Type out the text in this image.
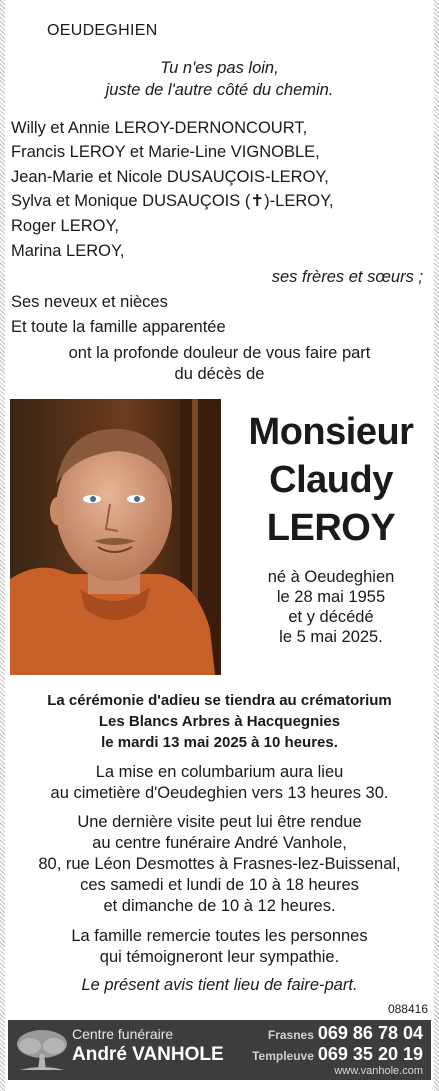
OEUDEGHIEN
Tu n'es pas loin,
juste de l'autre côté du chemin.
Willy et Annie LEROY-DERNONCOURT,
Francis LEROY et Marie-Line VIGNOBLE,
Jean-Marie et Nicole DUSAUÇOIS-LEROY,
Sylva et Monique DUSAUÇOIS (✝)-LEROY,
Roger LEROY,
Marina LEROY,
ses frères et sœurs ;
Ses neveux et nièces
Et toute la famille apparentée
ont la profonde douleur de vous faire part
du décès de
Monsieur
Claudy
LEROY
né à Oeudeghien
le 28 mai 1955
et y décédé
le 5 mai 2025.
La cérémonie d'adieu se tiendra au crématorium
Les Blancs Arbres à Hacquegnies
le mardi 13 mai 2025 à 10 heures.
La mise en columbarium aura lieu
au cimetière d'Oeudeghien vers 13 heures 30.
Une dernière visite peut lui être rendue
au centre funéraire André Vanhole,
80, rue Léon Desmottes à Frasnes-lez-Buissenal,
ces samedi et lundi de 10 à 18 heures
et dimanche de 10 à 12 heures.
La famille remercie toutes les personnes
qui témoigneront leur sympathie.
Le présent avis tient lieu de faire-part.
088416
Centre funéraire
André VANHOLE
Frasnes 069 86 78 04
Templeuve 069 35 20 19
www.vanhole.com
